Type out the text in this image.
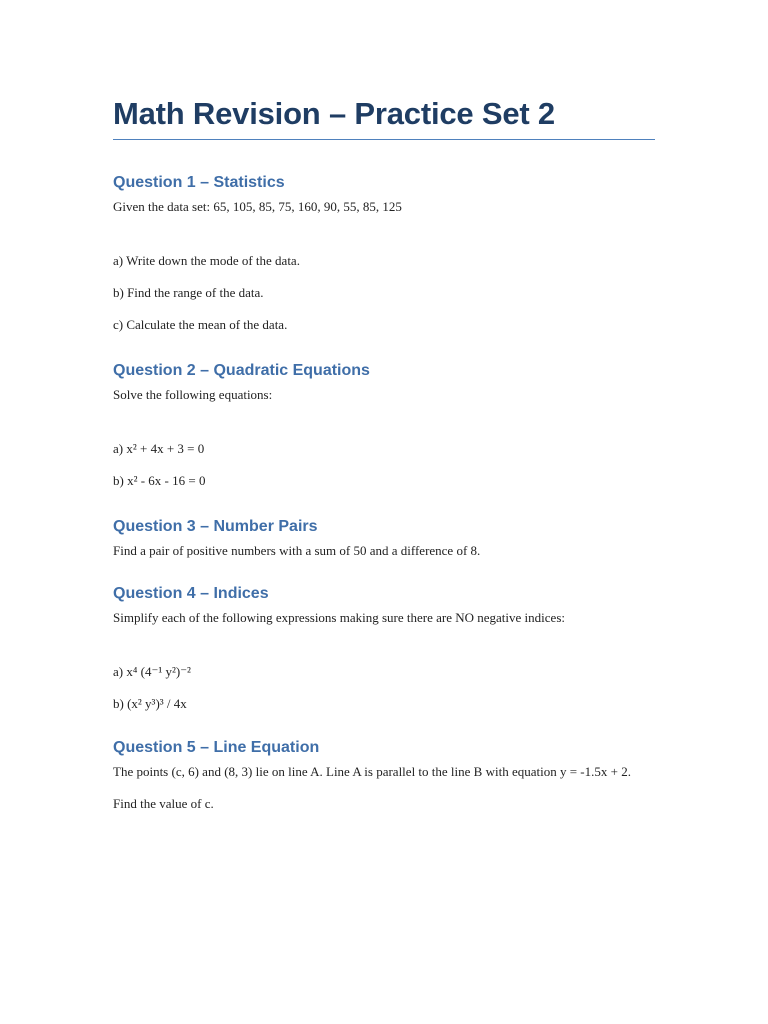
Math Revision – Practice Set 2
Question 1 – Statistics

Given the data set: 65, 105, 85, 75, 160, 90, 55, 85, 125

a) Write down the mode of the data.

b) Find the range of the data.

c) Calculate the mean of the data.

Question 2 – Quadratic Equations

Solve the following equations:

a) x² + 4x + 3 = 0

b) x² - 6x - 16 = 0

Question 3 – Number Pairs

Find a pair of positive numbers with a sum of 50 and a difference of 8.

Question 4 – Indices

Simplify each of the following expressions making sure there are NO negative indices:

a) x⁴ (4⁻¹ y²)⁻²

b) (x² y³)³ / 4x

Question 5 – Line Equation

The points (c, 6) and (8, 3) lie on line A. Line A is parallel to the line B with equation y = -1.5x + 2.

Find the value of c.
